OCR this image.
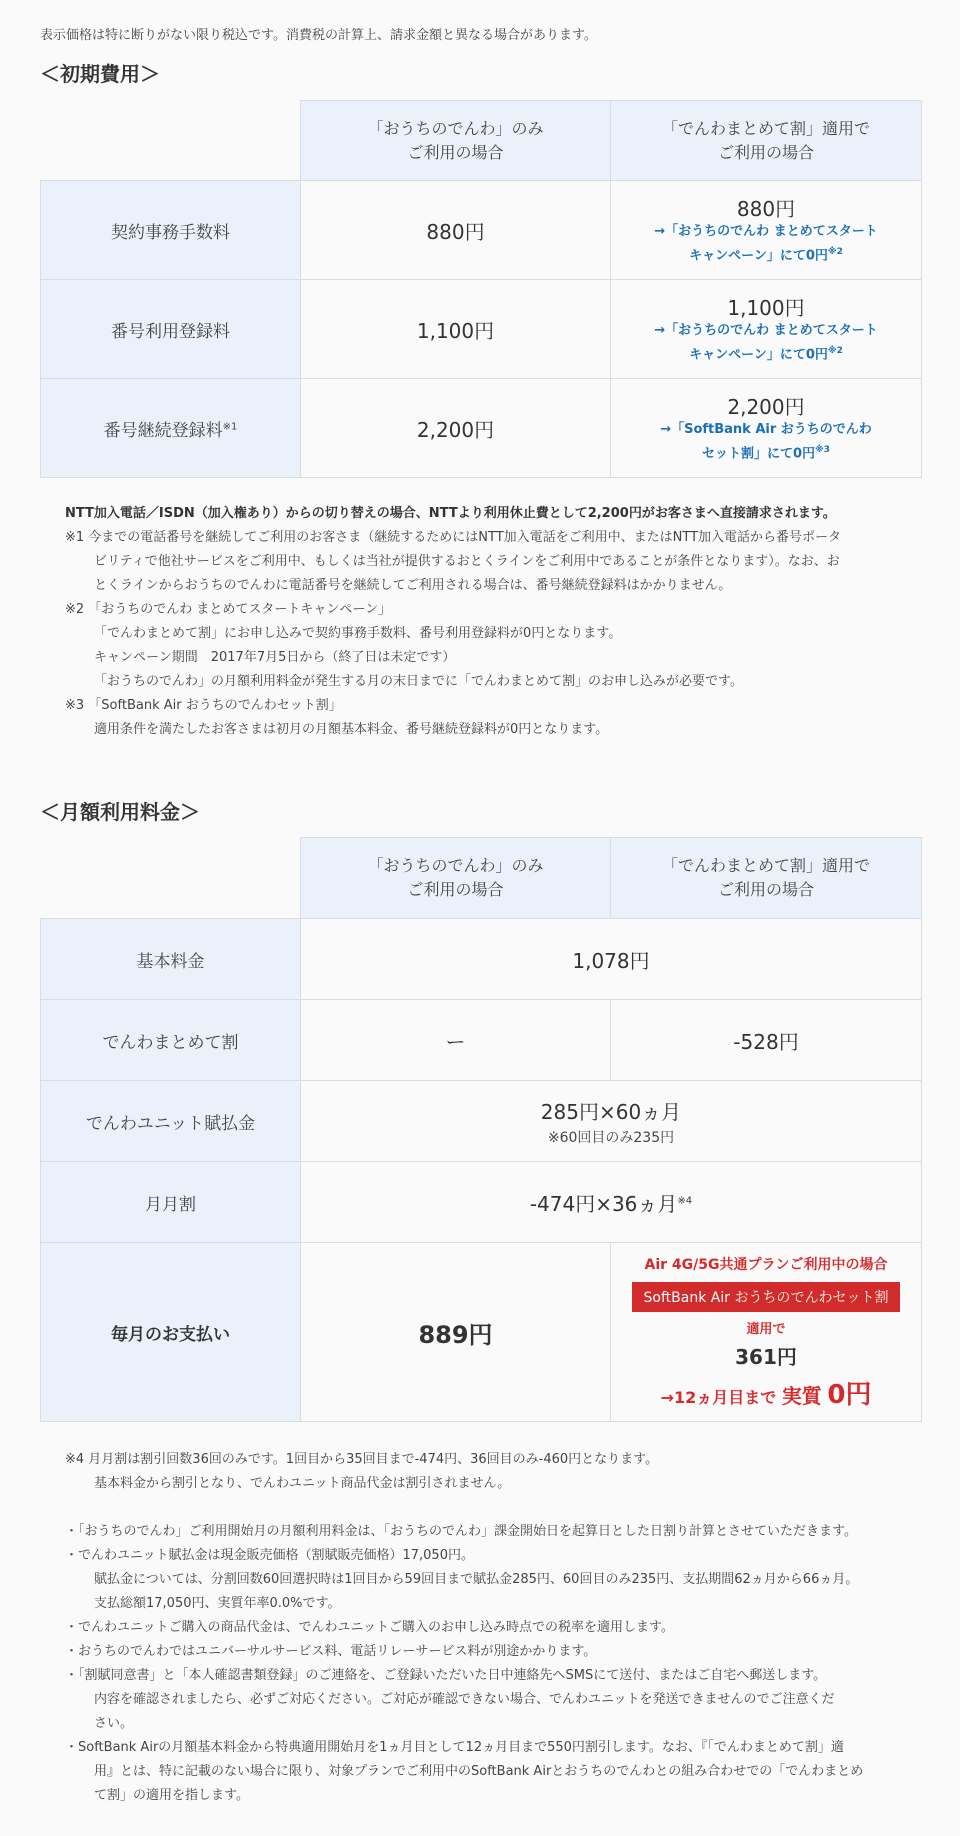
表示価格は特に断りがない限り税込です。消費税の計算上、請求金額と異なる場合があります。
＜初期費用＞
	「おうちのでんわ」のみ
ご利用の場合	「でんわまとめて割」適用で
ご利用の場合
契約事務手数料	880円	880円
→「おうちのでんわ まとめてスタート
キャンペーン」にて0円$^{※2}$

番号利用登録料	1,100円	1,100円
→「おうちのでんわ まとめてスタート
キャンペーン」にて0円$^{※2}$

番号継続登録料$^{※1}$	2,200円	2,200円
→「SoftBank Air おうちのでんわ
セット割」にて0円$^{※3}$
NTT加入電話／ISDN（加入権あり）からの切り替えの場合、NTTより利用休止費として2,200円がお客さまへ直接請求されます。
※1 今までの電話番号を継続してご利用のお客さま（継続するためにはNTT加入電話をご利用中、またはNTT加入電話から番号ポータ
ビリティで他社サービスをご利用中、もしくは当社が提供するおとくラインをご利用中であることが条件となります）。なお、お
とくラインからおうちのでんわに電話番号を継続してご利用される場合は、番号継続登録料はかかりません。
※2 「おうちのでんわ まとめてスタートキャンペーン」
「でんわまとめて割」にお申し込みで契約事務手数料、番号利用登録料が0円となります。
キャンペーン期間　2017年7月5日から（終了日は未定です）
「おうちのでんわ」の月額利用料金が発生する月の末日までに「でんわまとめて割」のお申し込みが必要です。
※3 「SoftBank Air おうちのでんわセット割」
適用条件を満たしたお客さまは初月の月額基本料金、番号継続登録料が0円となります。
＜月額利用料金＞
	「おうちのでんわ」のみ
ご利用の場合	「でんわまとめて割」適用で
ご利用の場合
基本料金	1,078円	
でんわまとめて割	ー	-528円
でんわユニット賦払金	285円×60ヵ月
※60回目のみ235円	

月月割	-474円×36ヵ月$^{※4}$
毎月のお支払い	889円	Air 4G/5G共通プランご利用中の場合
SoftBank Air おうちのでんわセット割
適用で
361円
→12ヵ月目まで 実質 0円
※4 月月割は割引回数36回のみです。1回目から35回目まで-474円、36回目のみ-460円となります。
基本料金から割引となり、でんわユニット商品代金は割引されません。

・「おうちのでんわ」ご利用開始月の月額利用料金は、「おうちのでんわ」課金開始日を起算日とした日割り計算とさせていただきます。
・でんわユニット賦払金は現金販売価格（割賦販売価格）17,050円。
賦払金については、分割回数60回選択時は1回目から59回目まで賦払金285円、60回目のみ235円、支払期間62ヵ月から66ヵ月。
支払総額17,050円、実質年率0.0%です。
・でんわユニットご購入の商品代金は、でんわユニットご購入のお申し込み時点での税率を適用します。
・おうちのでんわではユニバーサルサービス料、電話リレーサービス料が別途かかります。
・「割賦同意書」と「本人確認書類登録」のご連絡を、ご登録いただいた日中連絡先へSMSにて送付、またはご自宅へ郵送します。
内容を確認されましたら、必ずご対応ください。ご対応が確認できない場合、でんわユニットを発送できませんのでご注意くだ
さい。
・SoftBank Airの月額基本料金から特典適用開始月を1ヵ月目として12ヵ月目まで550円割引します。なお、『「でんわまとめて割」適
用』とは、特に記載のない場合に限り、対象プランでご利用中のSoftBank Airとおうちのでんわとの組み合わせでの「でんわまとめ
て割」の適用を指します。
